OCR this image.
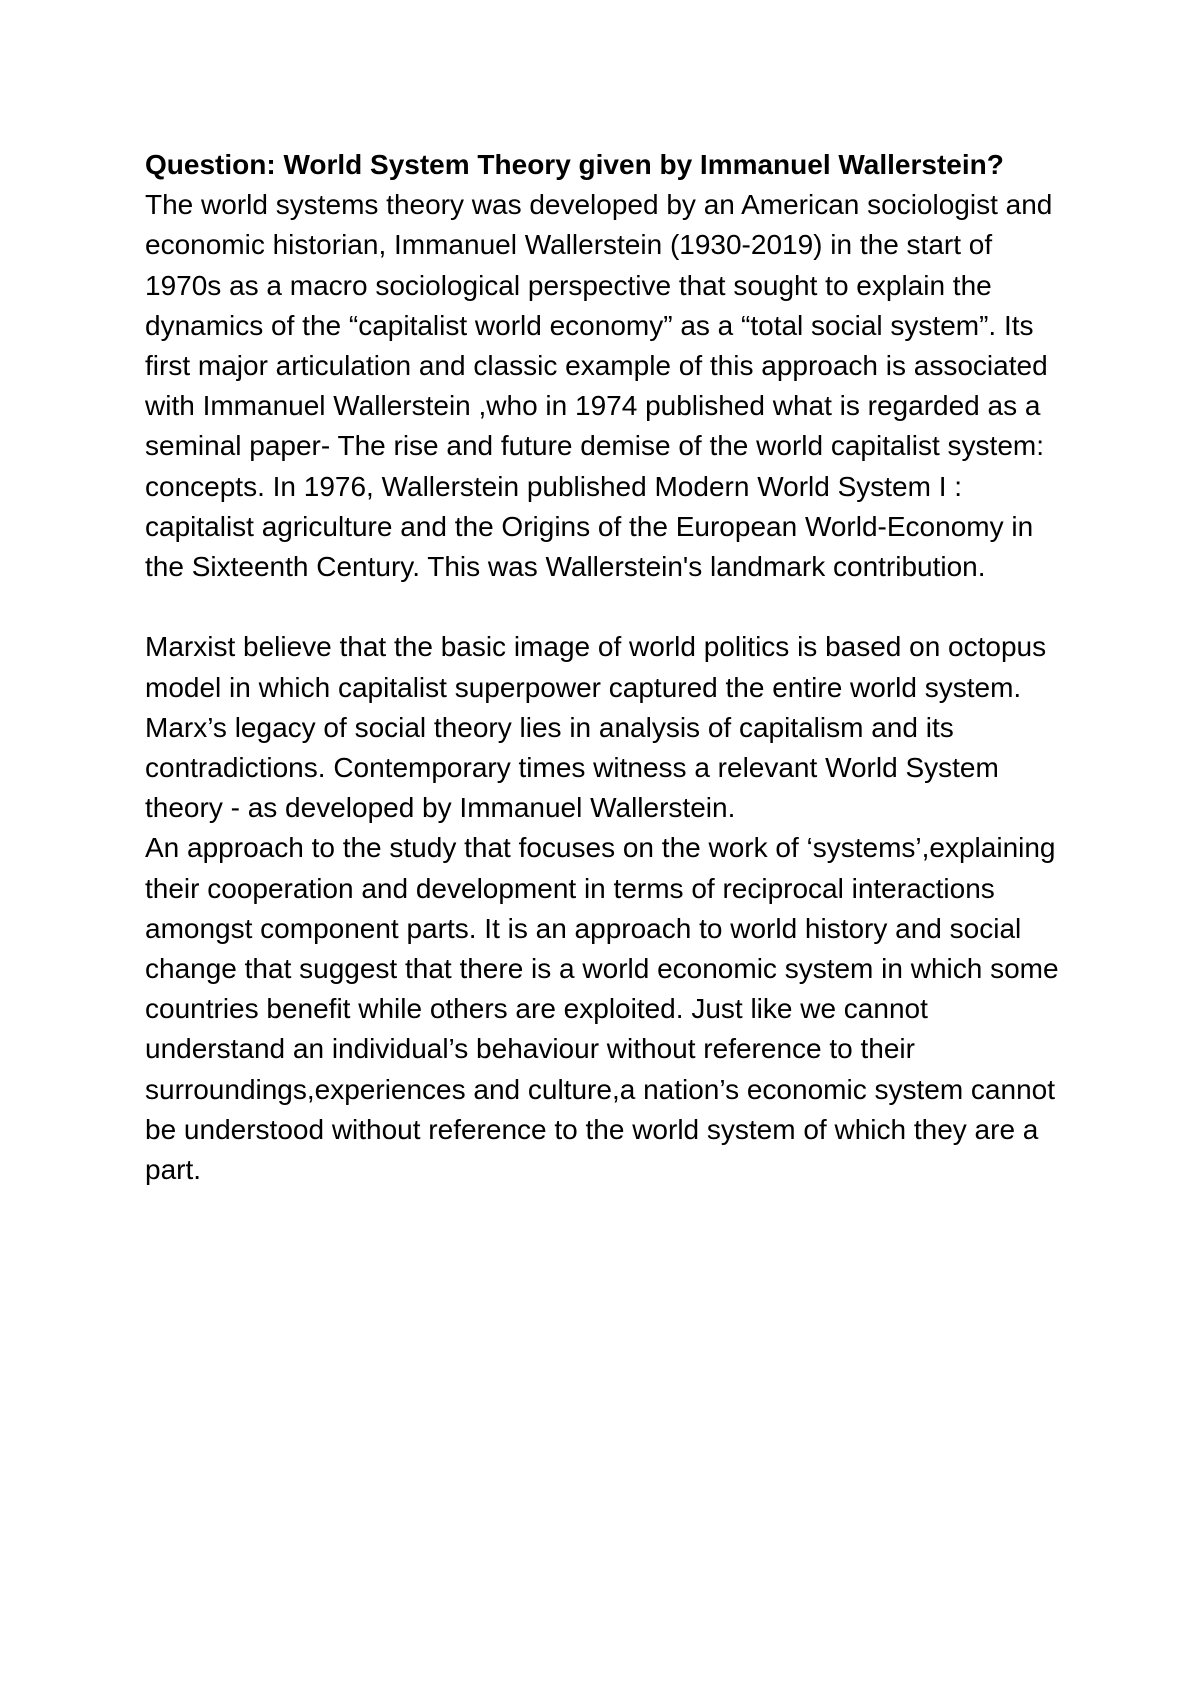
Question: World System Theory given by Immanuel Wallerstein?

The world systems theory was developed by an American sociologist and economic historian, Immanuel Wallerstein (1930-2019) in the start of 1970s as a macro sociological perspective that sought to explain the dynamics of the “capitalist world economy” as a “total social system”. Its first major articulation and classic example of this approach is associated with Immanuel Wallerstein ,who in 1974 published what is regarded as a seminal paper- The rise and future demise of the world capitalist system: concepts. In 1976, Wallerstein published Modern World System I : capitalist agriculture and the Origins of the European World-Economy in the Sixteenth Century. This was Wallerstein's landmark contribution.

Marxist believe that the basic image of world politics is based on octopus model in which capitalist superpower captured the entire world system. Marx’s legacy of social theory lies in analysis of capitalism and its contradictions. Contemporary times witness a relevant World System theory - as developed by Immanuel Wallerstein.

An approach to the study that focuses on the work of ‘systems’,explaining their cooperation and development in terms of reciprocal interactions amongst component parts. It is an approach to world history and social change that suggest that there is a world economic system in which some countries benefit while others are exploited. Just like we cannot understand an individual’s behaviour without reference to their surroundings,experiences and culture,a nation’s economic system cannot be understood without reference to the world system of which they are a part.
